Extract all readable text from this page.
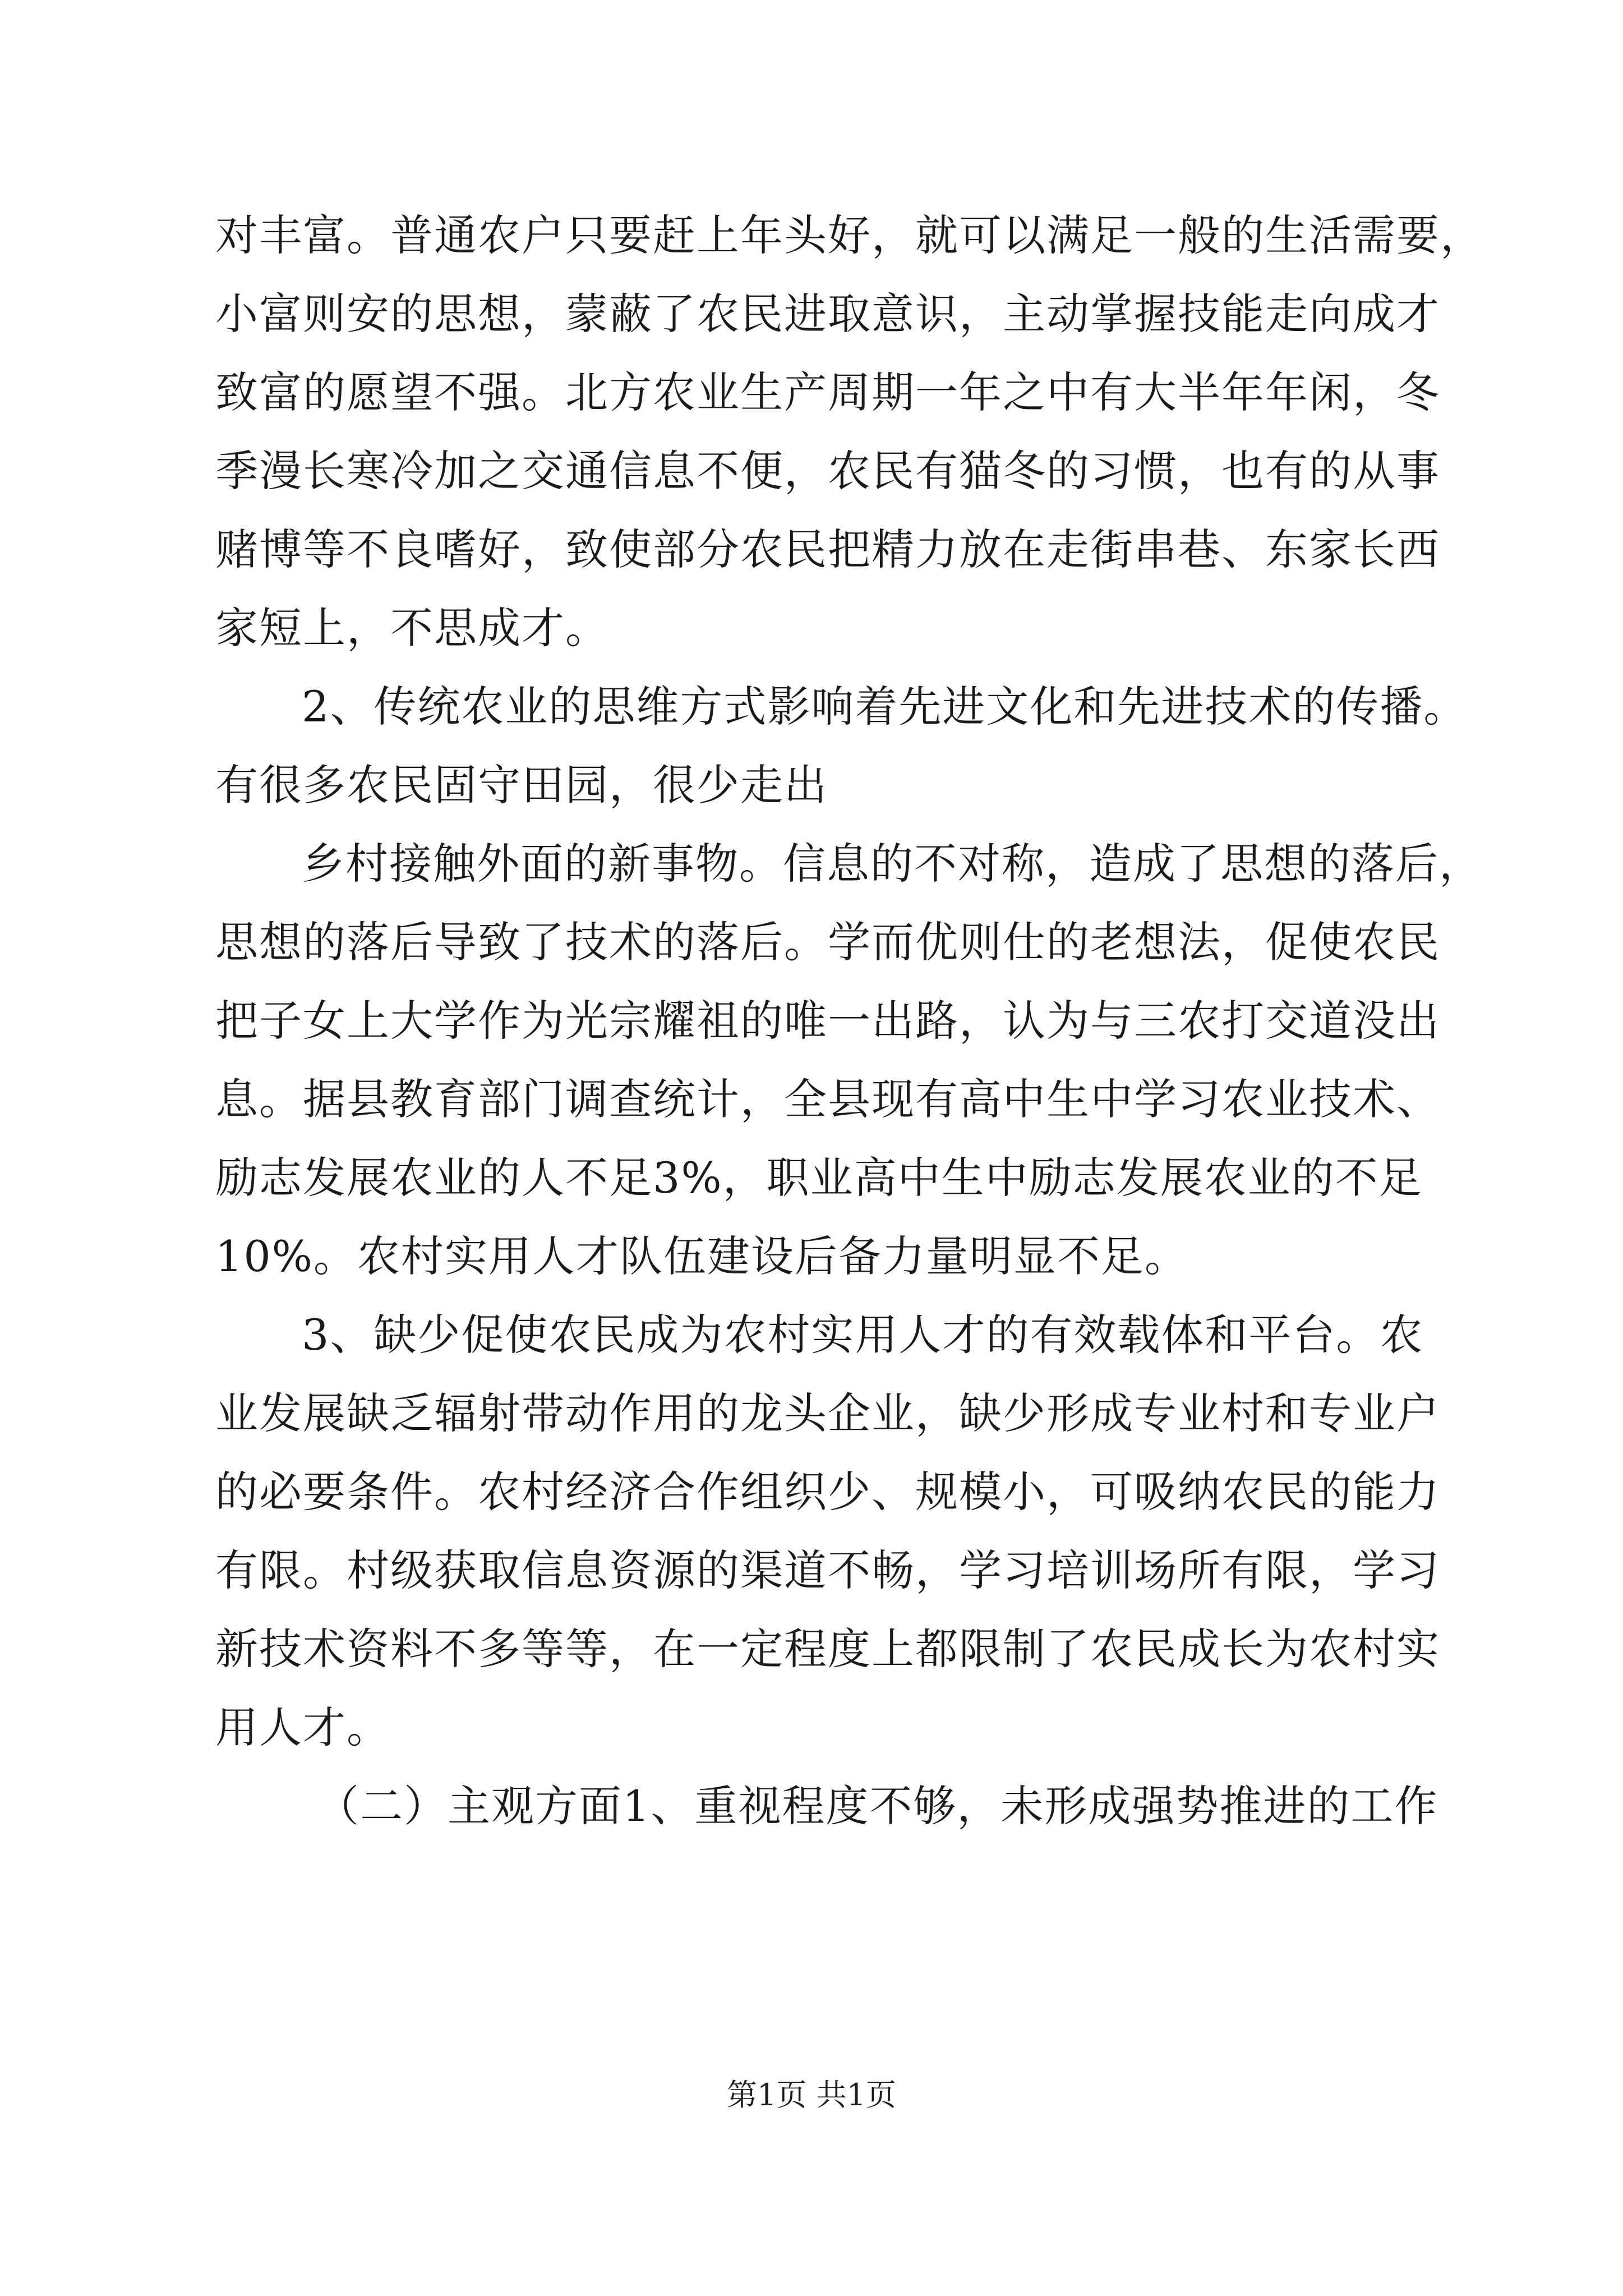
对丰富。普通农户只要赶上年头好，就可以满足一般的生活需要，
小富则安的思想，蒙蔽了农民进取意识，主动掌握技能走向成才
致富的愿望不强。北方农业生产周期一年之中有大半年年闲，冬
季漫长寒冷加之交通信息不便，农民有猫冬的习惯，也有的从事
赌博等不良嗜好，致使部分农民把精力放在走街串巷、东家长西
家短上，不思成才。
2、传统农业的思维方式影响着先进文化和先进技术的传播。
有很多农民固守田园，很少走出
乡村接触外面的新事物。信息的不对称，造成了思想的落后，
思想的落后导致了技术的落后。学而优则仕的老想法，促使农民
把子女上大学作为光宗耀祖的唯一出路，认为与三农打交道没出
息。据县教育部门调查统计，全县现有高中生中学习农业技术、
励志发展农业的人不足3%，职业高中生中励志发展农业的不足
10%。农村实用人才队伍建设后备力量明显不足。
3、缺少促使农民成为农村实用人才的有效载体和平台。农
业发展缺乏辐射带动作用的龙头企业，缺少形成专业村和专业户
的必要条件。农村经济合作组织少、规模小，可吸纳农民的能力
有限。村级获取信息资源的渠道不畅，学习培训场所有限，学习
新技术资料不多等等，在一定程度上都限制了农民成长为农村实
用人才。
（二）主观方面1、重视程度不够，未形成强势推进的工作
第1页 共1页
